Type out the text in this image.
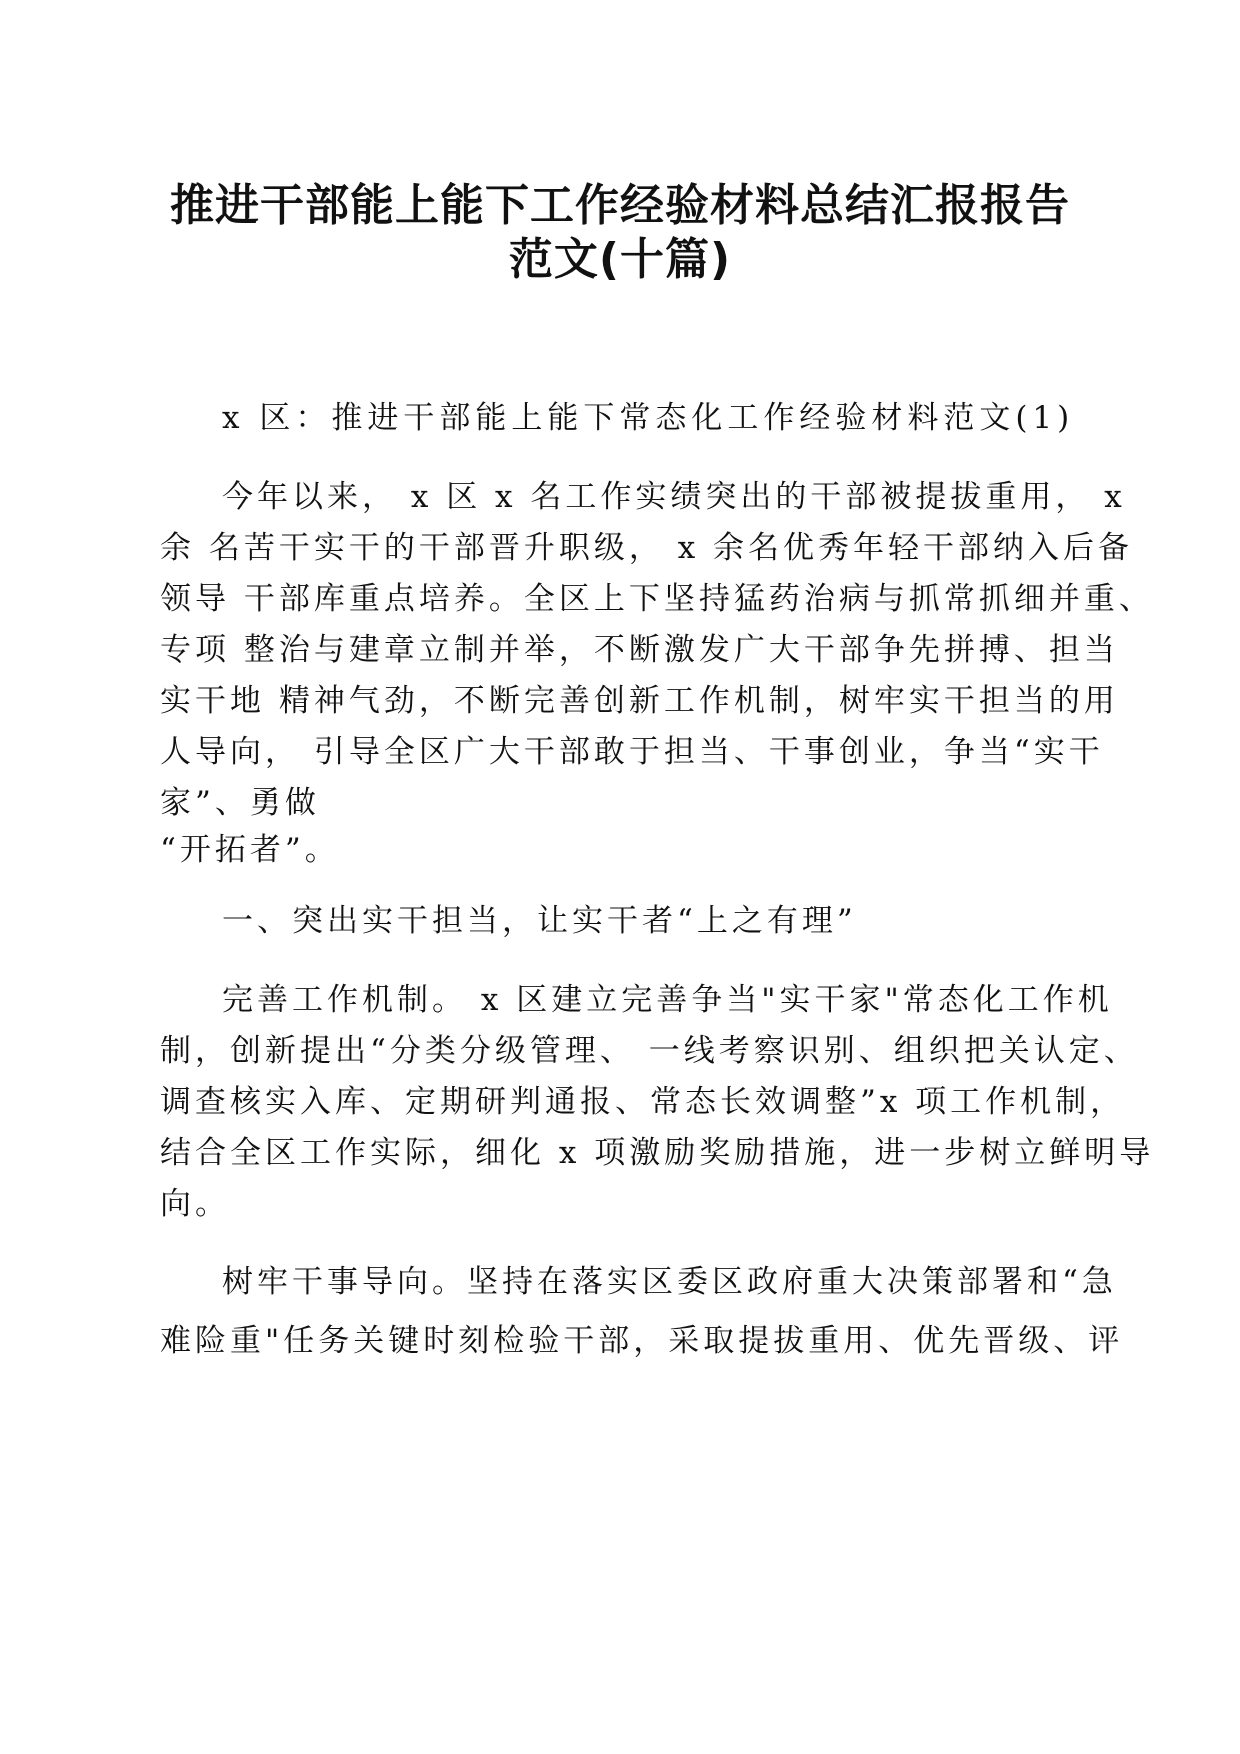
推进干部能上能下工作经验材料总结汇报报告
范文(十篇)

x 区：推进干部能上能下常态化工作经验材料范文(1)

今年以来， x 区 x 名工作实绩突出的干部被提拔重用， x

余 名苦干实干的干部晋升职级， x 余名优秀年轻干部纳入后备

领导 干部库重点培养。全区上下坚持猛药治病与抓常抓细并重、

专项 整治与建章立制并举，不断激发广大干部争先拼搏、担当

实干地 精神气劲，不断完善创新工作机制，树牢实干担当的用

人导向， 引导全区广大干部敢于担当、干事创业，争当“实干

家”、勇做

“开拓者”。

一、突出实干担当，让实干者“上之有理”

完善工作机制。 x 区建立完善争当"实干家"常态化工作机

制，创新提出“分类分级管理、 一线考察识别、组织把关认定、

调查核实入库、定期研判通报、常态长效调整”x 项工作机制，

结合全区工作实际，细化 x 项激励奖励措施，进一步树立鲜明导

向。

树牢干事导向。坚持在落实区委区政府重大决策部署和“急

难险重"任务关键时刻检验干部，采取提拔重用、优先晋级、评
